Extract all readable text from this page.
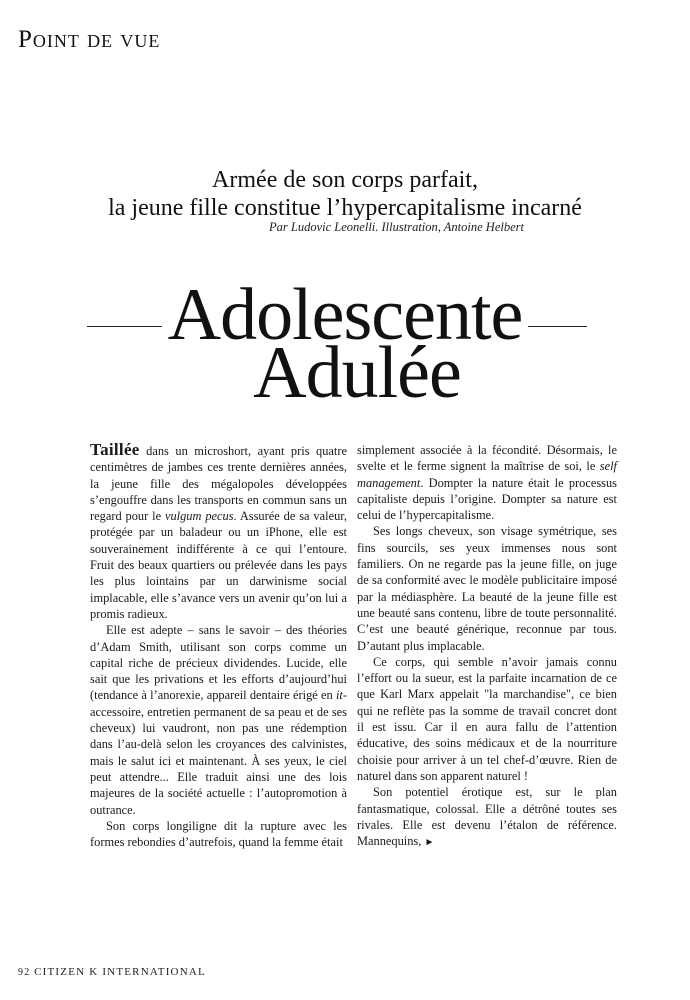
Point de vue
Armée de son corps parfait,
la jeune fille constitue l’hypercapitalisme incarné
Par Ludovic Leonelli. Illustration, Antoine Helbert
Adolescente
Adulée

Taillée dans un microshort, ayant pris quatre centimètres de jambes ces trente dernières années, la jeune fille des mégalopoles développées s’engouffre dans les transports en commun sans un regard pour le vulgum pecus. Assurée de sa valeur, protégée par un baladeur ou un iPhone, elle est souverainement indifférente à ce qui l’entoure. Fruit des beaux quartiers ou prélevée dans les pays les plus lointains par un darwinisme social implacable, elle s’avance vers un avenir qu’on lui a promis radieux.

Elle est adepte – sans le savoir – des théories d’Adam Smith, utilisant son corps comme un capital riche de précieux dividendes. Lucide, elle sait que les privations et les efforts d’aujourd’hui (tendance à l’anorexie, appareil dentaire érigé en it-accessoire, entretien permanent de sa peau et de ses cheveux) lui vaudront, non pas une rédemption dans l’au-delà selon les croyances des calvinistes, mais le salut ici et maintenant. À ses yeux, le ciel peut attendre... Elle traduit ainsi une des lois majeures de la société actuelle : l’autopromotion à outrance.

Son corps longiligne dit la rupture avec les formes rebondies d’autrefois, quand la femme était

simplement associée à la fécondité. Désormais, le svelte et le ferme signent la maîtrise de soi, le self management. Dompter la nature était le processus capitaliste depuis l’origine. Dompter sa nature est celui de l’hypercapitalisme.

Ses longs cheveux, son visage symétrique, ses fins sourcils, ses yeux immenses nous sont familiers. On ne regarde pas la jeune fille, on juge de sa conformité avec le modèle publicitaire imposé par la médiasphère. La beauté de la jeune fille est une beauté sans contenu, libre de toute personnalité. C’est une beauté générique, reconnue par tous. D’autant plus implacable.

Ce corps, qui semble n’avoir jamais connu l’effort ou la sueur, est la parfaite incarnation de ce que Karl Marx appelait "la marchandise", ce bien qui ne reflète pas la somme de travail concret dont il est issu. Car il en aura fallu de l’attention éducative, des soins médicaux et de la nourriture choisie pour arriver à un tel chef-d’œuvre. Rien de naturel dans son apparent naturel !

Son potentiel érotique est, sur le plan fantasmatique, colossal. Elle a détrôné toutes ses rivales. Elle est devenu l’étalon de référence. Mannequins, ►

92 CITIZEN K INTERNATIONAL
